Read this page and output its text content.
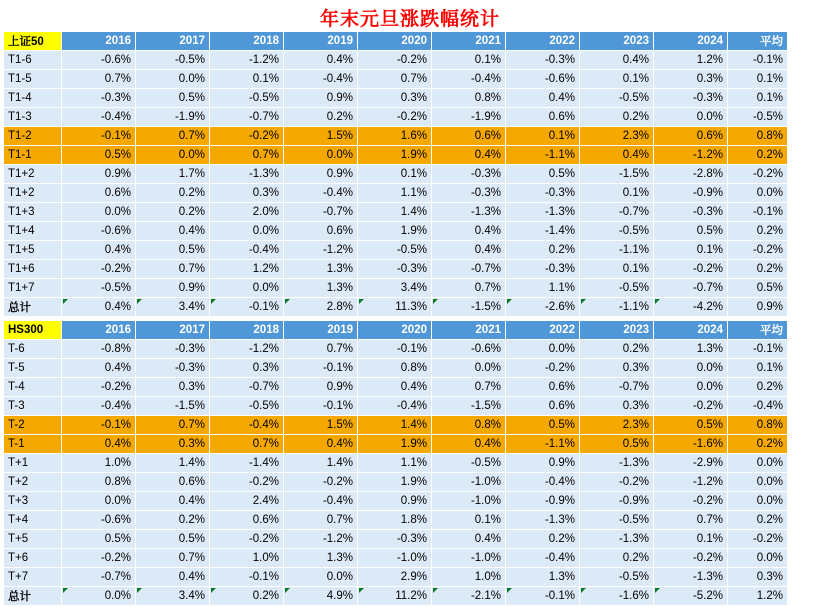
年末元旦涨跌幅统计
上证50	2016	2017	2018	2019	2020	2021	2022	2023	2024	平均
T1-6	-0.6%	-0.5%	-1.2%	0.4%	-0.2%	0.1%	-0.3%	0.4%	1.2%	-0.1%
T1-5	0.7%	0.0%	0.1%	-0.4%	0.7%	-0.4%	-0.6%	0.1%	0.3%	0.1%
T1-4	-0.3%	0.5%	-0.5%	0.9%	0.3%	0.8%	0.4%	-0.5%	-0.3%	0.1%
T1-3	-0.4%	-1.9%	-0.7%	0.2%	-0.2%	-1.9%	0.6%	0.2%	0.0%	-0.5%
T1-2	-0.1%	0.7%	-0.2%	1.5%	1.6%	0.6%	0.1%	2.3%	0.6%	0.8%
T1-1	0.5%	0.0%	0.7%	0.0%	1.9%	0.4%	-1.1%	0.4%	-1.2%	0.2%
T1+2	0.9%	1.7%	-1.3%	0.9%	0.1%	-0.3%	0.5%	-1.5%	-2.8%	-0.2%
T1+2	0.6%	0.2%	0.3%	-0.4%	1.1%	-0.3%	-0.3%	0.1%	-0.9%	0.0%
T1+3	0.0%	0.2%	2.0%	-0.7%	1.4%	-1.3%	-1.3%	-0.7%	-0.3%	-0.1%
T1+4	-0.6%	0.4%	0.0%	0.6%	1.9%	0.4%	-1.4%	-0.5%	0.5%	0.2%
T1+5	0.4%	0.5%	-0.4%	-1.2%	-0.5%	0.4%	0.2%	-1.1%	0.1%	-0.2%
T1+6	-0.2%	0.7%	1.2%	1.3%	-0.3%	-0.7%	-0.3%	0.1%	-0.2%	0.2%
T1+7	-0.5%	0.9%	0.0%	1.3%	3.4%	0.7%	1.1%	-0.5%	-0.7%	0.5%
总计	0.4%	3.4%	-0.1%	2.8%	11.3%	-1.5%	-2.6%	-1.1%	-4.2%	0.9%
HS300	2016	2017	2018	2019	2020	2021	2022	2023	2024	平均
T-6	-0.8%	-0.3%	-1.2%	0.7%	-0.1%	-0.6%	0.0%	0.2%	1.3%	-0.1%
T-5	0.4%	-0.3%	0.3%	-0.1%	0.8%	0.0%	-0.2%	0.3%	0.0%	0.1%
T-4	-0.2%	0.3%	-0.7%	0.9%	0.4%	0.7%	0.6%	-0.7%	0.0%	0.2%
T-3	-0.4%	-1.5%	-0.5%	-0.1%	-0.4%	-1.5%	0.6%	0.3%	-0.2%	-0.4%
T-2	-0.1%	0.7%	-0.4%	1.5%	1.4%	0.8%	0.5%	2.3%	0.5%	0.8%
T-1	0.4%	0.3%	0.7%	0.4%	1.9%	0.4%	-1.1%	0.5%	-1.6%	0.2%
T+1	1.0%	1.4%	-1.4%	1.4%	1.1%	-0.5%	0.9%	-1.3%	-2.9%	0.0%
T+2	0.8%	0.6%	-0.2%	-0.2%	1.9%	-1.0%	-0.4%	-0.2%	-1.2%	0.0%
T+3	0.0%	0.4%	2.4%	-0.4%	0.9%	-1.0%	-0.9%	-0.9%	-0.2%	0.0%
T+4	-0.6%	0.2%	0.6%	0.7%	1.8%	0.1%	-1.3%	-0.5%	0.7%	0.2%
T+5	0.5%	0.5%	-0.2%	-1.2%	-0.3%	0.4%	0.2%	-1.3%	0.1%	-0.2%
T+6	-0.2%	0.7%	1.0%	1.3%	-1.0%	-1.0%	-0.4%	0.2%	-0.2%	0.0%
T+7	-0.7%	0.4%	-0.1%	0.0%	2.9%	1.0%	1.3%	-0.5%	-1.3%	0.3%
总计	0.0%	3.4%	0.2%	4.9%	11.2%	-2.1%	-0.1%	-1.6%	-5.2%	1.2%
